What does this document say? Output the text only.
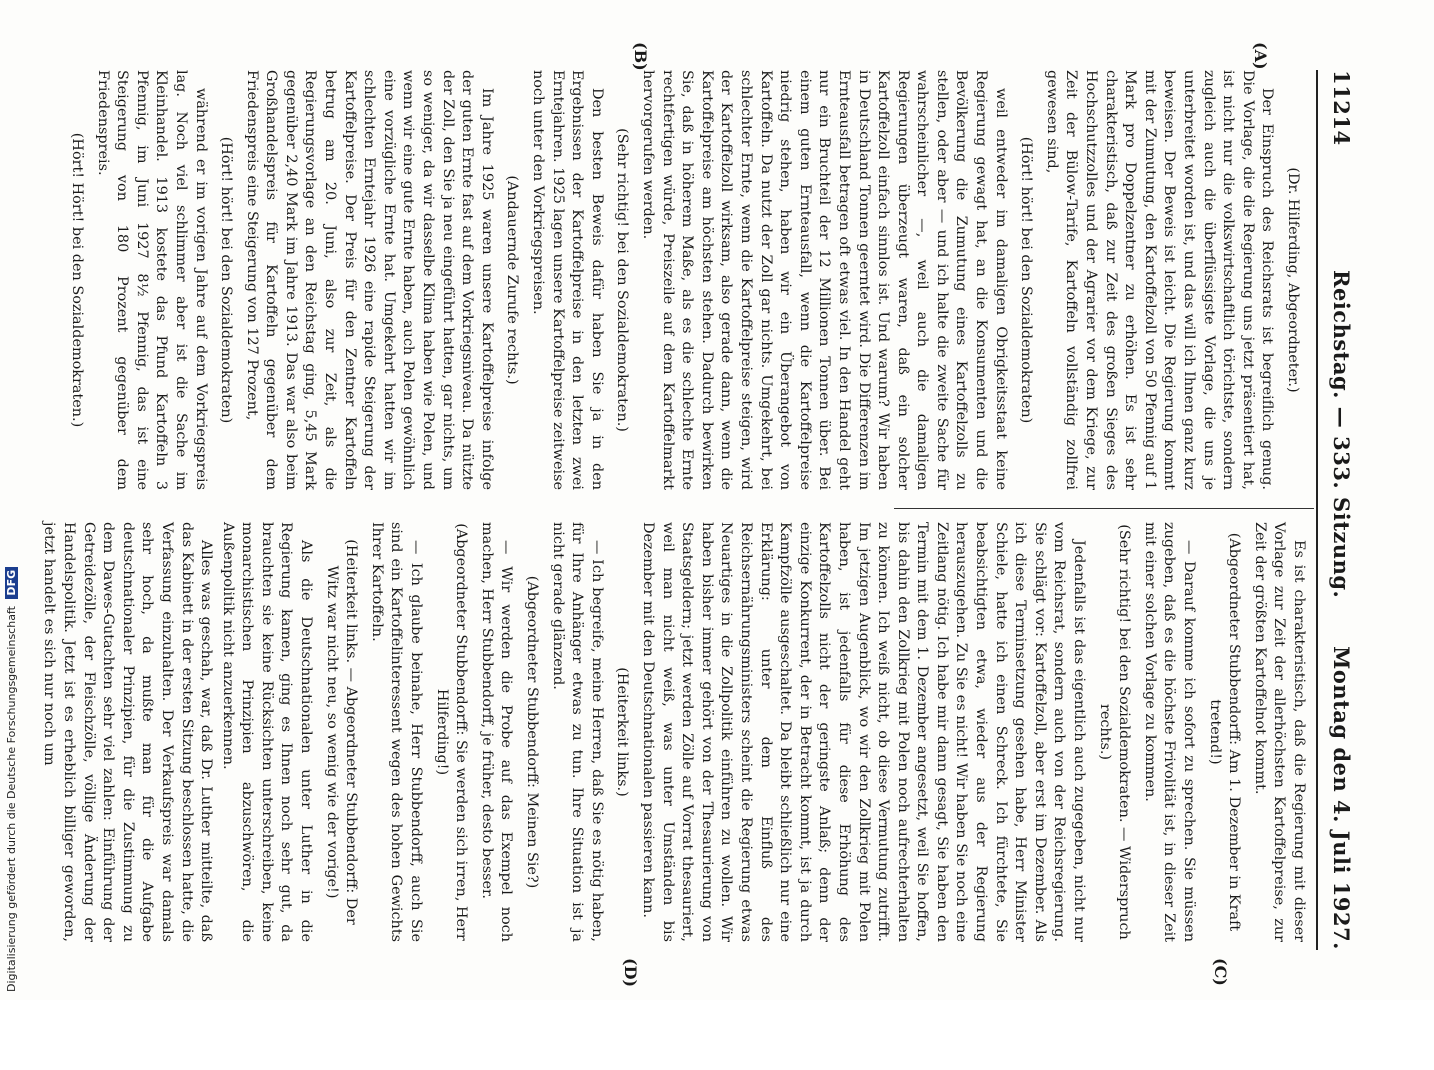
11214
Reichstag. — 333. Sitzung.
Montag den 4. Juli 1927.
(A)
(B)
(C)
(D)

(Dr. Hilferding, Abgeordneter.)

Der Einspruch des Reichsrats ist begreiflich genug. Die Vorlage, die die Regierung uns jetzt präsentiert hat, ist nicht nur die volkswirtschaftlich törichtste, sondern zugleich auch die überflüssigste Vorlage, die uns je unterbreitet worden ist, und das will ich Ihnen ganz kurz beweisen. Der Beweis ist leicht. Die Regierung kommt mit der Zumutung, den Kartoffelzoll von 50 Pfennig auf 1 Mark pro Doppelzentner zu erhöhen. Es ist sehr charakteristisch, daß zur Zeit des großen Sieges des Hochschutzzolles und der Agrarier vor dem Kriege, zur Zeit der Bülow-Tarife, Kartoffeln vollständig zollfrei gewesen sind,

(Hört! hört! bei den Sozialdemokraten)

weil entweder im damaligen Obrigkeitsstaat keine Regierung gewagt hat, an die Konsumenten und die Bevölkerung die Zumutung eines Kartoffelzolls zu stellen, oder aber — und ich halte die zweite Sache für wahrscheinlicher —, weil auch die damaligen Regierungen überzeugt waren, daß ein solcher Kartoffelzoll einfach sinnlos ist. Und warum? Wir haben in Deutschland Tonnen geerntet wird. Die Differenzen im Ernteausfall betragen oft etwas viel. In den Handel geht nur ein Bruchteil der 12 Millionen Tonnen über. Bei einem guten Ernteausfall, wenn die Kartoffelpreise niedrig stehen, haben wir ein Überangebot von Kartoffeln. Da nutzt der Zoll gar nichts. Umgekehrt, bei schlechter Ernte, wenn die Kartoffelpreise steigen, wird der Kartoffelzoll wirksam, also gerade dann, wenn die Kartoffelpreise am höchsten stehen. Dadurch bewirken Sie, daß in höherem Maße, als es die schlechte Ernte rechtfertigen würde, Preiszeile auf dem Kartoffelmarkt hervorgerufen werden.

(Sehr richtig! bei den Sozialdemokraten.)

Den besten Beweis dafür haben Sie ja in den Ergebnissen der Kartoffelpreise in den letzten zwei Erntejahren. 1925 lagen unsere Kartoffelpreise zeitweise noch unter den Vorkriegspreisen.

(Andauernde Zurufe rechts.)

Im Jahre 1925 waren unsere Kartoffelpreise infolge der guten Ernte fast auf dem Vorkriegsniveau. Da nützte der Zoll, den Sie ja neu eingeführt hatten, gar nichts, um so weniger, da wir dasselbe Klima haben wie Polen, und wenn wir eine gute Ernte haben, auch Polen gewöhnlich eine vorzügliche Ernte hat. Umgekehrt hatten wir im schlechten Erntejahr 1926 eine rapide Steigerung der Kartoffelpreise. Der Preis für den Zentner Kartoffeln betrug am 20. Juni, also zur Zeit, als die Regierungsvorlage an den Reichstag ging, 5,45 Mark gegenüber 2,40 Mark im Jahre 1913. Das war also beim Großhandelspreis für Kartoffeln gegenüber dem Friedenspreis eine Steigerung von 127 Prozent,

(Hört! hört! bei den Sozialdemokraten)

während er im vorigen Jahre auf dem Vorkriegspreis lag. Noch viel schlimmer aber ist die Sache im Kleinhandel. 1913 kostete das Pfund Kartoffeln 3 Pfennig, im Juni 1927 8½ Pfennig, das ist eine Steigerung von 180 Prozent gegenüber dem Friedenspreis.

(Hört! Hört! bei den Sozialdemokraten.)

Es ist charakteristisch, daß die Regierung mit dieser Vorlage zur Zeit der allerhöchsten Kartoffelpreise, zur Zeit der größten Kartoffelnot kommt.

(Abgeordneter Stubbendorff: Am 1. Dezember in Kraft tretend!)

— Darauf komme ich sofort zu sprechen. Sie müssen zugeben, daß es die höchste Frivolität ist, in dieser Zeit mit einer solchen Vorlage zu kommen.

(Sehr richtig! bei den Sozialdemokraten. — Widerspruch rechts.)

Jedenfalls ist das eigentlich auch zugegeben, nicht nur vom Reichsrat, sondern auch von der Reichsregierung. Sie schlägt vor: Kartoffelzoll, aber erst im Dezember. Als ich diese Terminsetzung gesehen habe, Herr Minister Schiele, hatte ich einen Schreck. Ich fürchtete, Sie beabsichtigten etwa, wieder aus der Regierung herauszugehen. Zu Sie es nicht! Wir haben Sie noch eine Zeitlang nötig. Ich habe mir dann gesagt, Sie haben den Termin mit dem 1. Dezember angesetzt, weil Sie hoffen, bis dahin den Zollkrieg mit Polen noch aufrechterhalten zu können. Ich weiß nicht, ob diese Vermutung zutrifft. Im jetzigen Augenblick, wo wir den Zollkrieg mit Polen haben, ist jedenfalls für diese Erhöhung des Kartoffelzolls nicht der geringste Anlaß; denn der einzige Konkurrent, der in Betracht kommt, ist ja durch Kampfzölle ausgeschaltet. Da bleibt schließlich nur eine Erklärung: unter dem Einfluß des Reichsernährungsministers scheint die Regierung etwas Neuartiges in die Zollpolitik einführen zu wollen. Wir haben bisher immer gehört von der Thesaurierung von Staatsgeldern; jetzt werden Zölle auf Vorrat thesauriert, weil man nicht weiß, was unter Umständen bis Dezember mit den Deutschnationalen passieren kann.

(Heiterkeit links.)

— Ich begreife, meine Herren, daß Sie es nötig haben, für Ihre Anhänger etwas zu tun. Ihre Situation ist ja nicht gerade glänzend.

(Abgeordneter Stubbendorff: Meinen Sie?)

— Wir werden die Probe auf das Exempel noch machen, Herr Stubbendorff, je früher, desto besser.

(Abgeordneter Stubbendorff: Sie werden sich irren, Herr Hilferding!)

— Ich glaube beinahe, Herr Stubbendorff, auch Sie sind ein Kartoffelinteressent wegen des hohen Gewichts Ihrer Kartoffeln.

(Heiterkeit links. — Abgeordneter Stubbendorff: Der Witz war nicht neu, so wenig wie der vorige!)

Als die Deutschnationalen unter Luther in die Regierung kamen, ging es Ihnen noch sehr gut, da brauchten sie keine Rücksichten unterschreiben, keine monarchistischen Prinzipien abzuschwören, die Außenpolitik nicht anzuerkennen.

Alles was geschah, war, daß Dr. Luther mitteilte, daß das Kabinett in der ersten Sitzung beschlossen hatte, die Verfassung einzuhalten. Der Verkaufspreis war damals sehr hoch, da mußte man für die Aufgabe deutschnationaler Prinzipien, für die Zustimmung zu dem Dawes-Gutachten sehr viel zahlen: Einführung der Getreidezölle, der Fleischzölle, völlige Änderung der Handelspolitik. Jetzt ist es erheblich billiger geworden, jetzt handelt es sich nur noch um

Digitalisierung gefördert durch die Deutsche Forschungsgemeinschaft DFG
